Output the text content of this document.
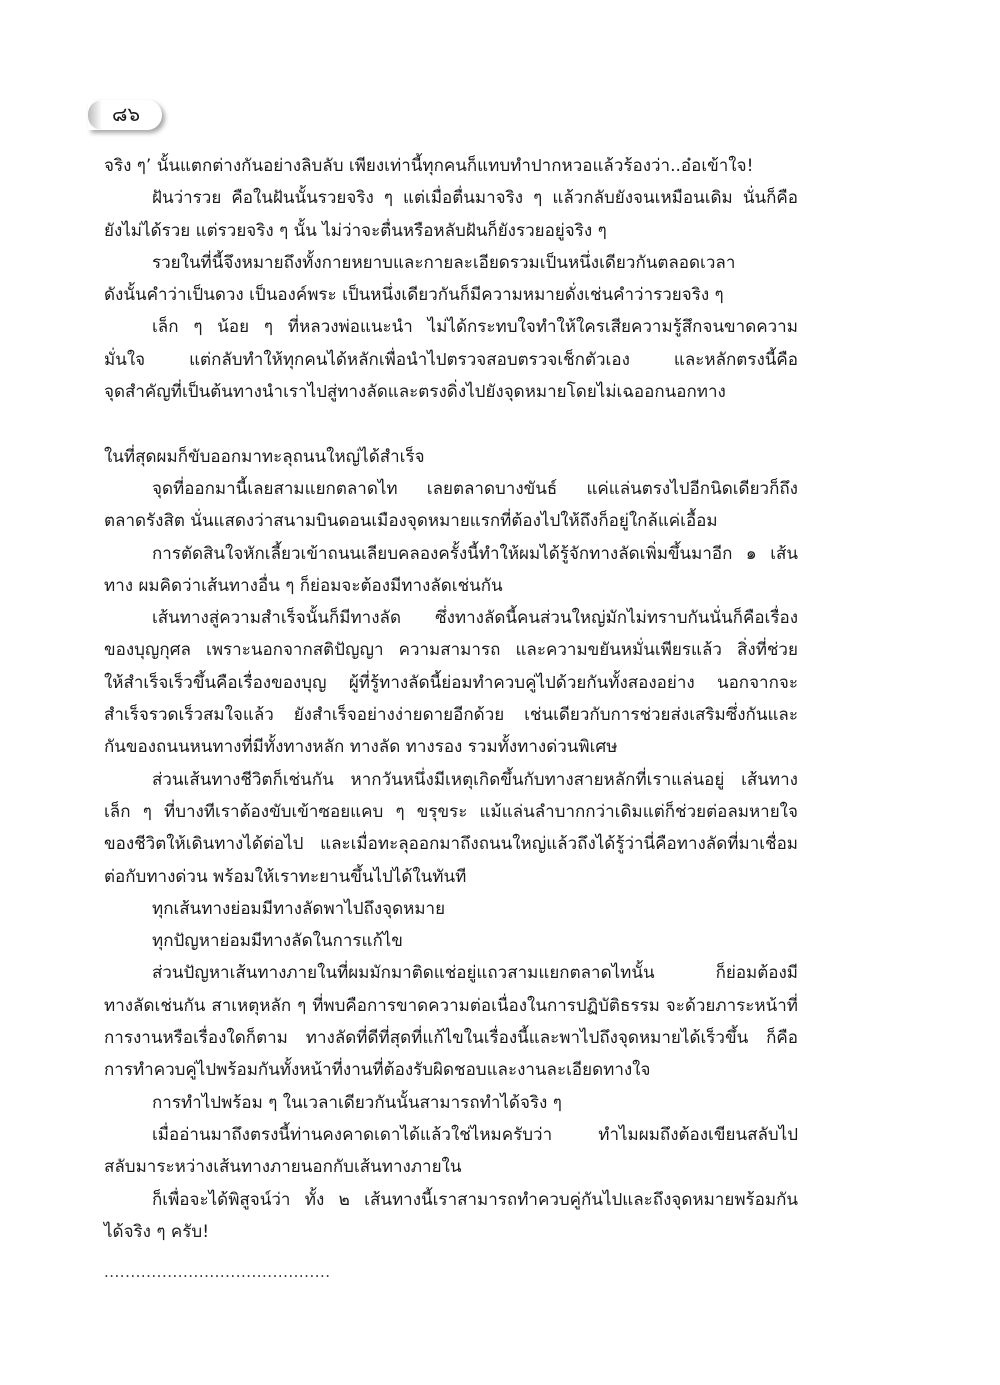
๘๖
จริง ๆ’ นั้นแตกต่างกันอย่างลิบลับ เพียงเท่านี้ทุกคนก็แทบทำปากหวอแล้วร้องว่า..อ๋อเข้าใจ!
ฝันว่ารวย คือในฝันนั้นรวยจริง ๆ แต่เมื่อตื่นมาจริง ๆ แล้วกลับยังจนเหมือนเดิม นั่นก็คือ
ยังไม่ได้รวย แต่รวยจริง ๆ นั้น ไม่ว่าจะตื่นหรือหลับฝันก็ยังรวยอยู่จริง ๆ
รวยในที่นี้จึงหมายถึงทั้งกายหยาบและกายละเอียดรวมเป็นหนึ่งเดียวกันตลอดเวลา
ดังนั้นคำว่าเป็นดวง เป็นองค์พระ เป็นหนึ่งเดียวกันก็มีความหมายดั่งเช่นคำว่ารวยจริง ๆ
เล็ก ๆ น้อย ๆ ที่หลวงพ่อแนะนำ ไม่ได้กระทบใจทำให้ใครเสียความรู้สึกจนขาดความ
มั่นใจ	แต่กลับทำให้ทุกคนได้หลักเพื่อนำไปตรวจสอบตรวจเช็กตัวเอง	และหลักตรงนี้คือ
จุดสำคัญที่เป็นต้นทางนำเราไปสู่ทางลัดและตรงดิ่งไปยังจุดหมายโดยไม่เฉออกนอกทาง
ในที่สุดผมก็ขับออกมาทะลุถนนใหญ่ได้สำเร็จ
จุดที่ออกมานี้เลยสามแยกตลาดไท เลยตลาดบางขันธ์ แค่แล่นตรงไปอีกนิดเดียวก็ถึง
ตลาดรังสิต นั่นแสดงว่าสนามบินดอนเมืองจุดหมายแรกที่ต้องไปให้ถึงก็อยู่ใกล้แค่เอื้อม
การตัดสินใจหักเลี้ยวเข้าถนนเลียบคลองครั้งนี้ทำให้ผมได้รู้จักทางลัดเพิ่มขึ้นมาอีก ๑ เส้น
ทาง ผมคิดว่าเส้นทางอื่น ๆ ก็ย่อมจะต้องมีทางลัดเช่นกัน
เส้นทางสู่ความสำเร็จนั้นก็มีทางลัด ซึ่งทางลัดนี้คนส่วนใหญ่มักไม่ทราบกันนั่นก็คือเรื่อง
ของบุญกุศล เพราะนอกจากสติปัญญา ความสามารถ และความขยันหมั่นเพียรแล้ว สิ่งที่ช่วย
ให้สำเร็จเร็วขึ้นคือเรื่องของบุญ ผู้ที่รู้ทางลัดนี้ย่อมทำควบคู่ไปด้วยกันทั้งสองอย่าง นอกจากจะ
สำเร็จรวดเร็วสมใจแล้ว ยังสำเร็จอย่างง่ายดายอีกด้วย เช่นเดียวกับการช่วยส่งเสริมซึ่งกันและ
กันของถนนหนทางที่มีทั้งทางหลัก ทางลัด ทางรอง รวมทั้งทางด่วนพิเศษ
ส่วนเส้นทางชีวิตก็เช่นกัน หากวันหนึ่งมีเหตุเกิดขึ้นกับทางสายหลักที่เราแล่นอยู่ เส้นทาง
เล็ก ๆ ที่บางทีเราต้องขับเข้าซอยแคบ ๆ ขรุขระ แม้แล่นลำบากกว่าเดิมแต่ก็ช่วยต่อลมหายใจ
ของชีวิตให้เดินทางได้ต่อไป และเมื่อทะลุออกมาถึงถนนใหญ่แล้วถึงได้รู้ว่านี่คือทางลัดที่มาเชื่อม
ต่อกับทางด่วน พร้อมให้เราทะยานขึ้นไปได้ในทันที
ทุกเส้นทางย่อมมีทางลัดพาไปถึงจุดหมาย
ทุกปัญหาย่อมมีทางลัดในการแก้ไข
ส่วนปัญหาเส้นทางภายในที่ผมมักมาติดแช่อยู่แถวสามแยกตลาดไทนั้น	ก็ย่อมต้องมี
ทางลัดเช่นกัน สาเหตุหลัก ๆ ที่พบคือการขาดความต่อเนื่องในการปฏิบัติธรรม จะด้วยภาระหน้าที่
การงานหรือเรื่องใดก็ตาม ทางลัดที่ดีที่สุดที่แก้ไขในเรื่องนี้และพาไปถึงจุดหมายได้เร็วขึ้น ก็คือ
การทำควบคู่ไปพร้อมกันทั้งหน้าที่งานที่ต้องรับผิดชอบและงานละเอียดทางใจ
การทำไปพร้อม ๆ ในเวลาเดียวกันนั้นสามารถทำได้จริง ๆ
เมื่ออ่านมาถึงตรงนี้ท่านคงคาดเดาได้แล้วใช่ไหมครับว่า	ทำไมผมถึงต้องเขียนสลับไป
สลับมาระหว่างเส้นทางภายนอกกับเส้นทางภายใน
ก็เพื่อจะได้พิสูจน์ว่า ทั้ง ๒ เส้นทางนี้เราสามารถทำควบคู่กันไปและถึงจุดหมายพร้อมกัน
ได้จริง ๆ ครับ!
...........................................
